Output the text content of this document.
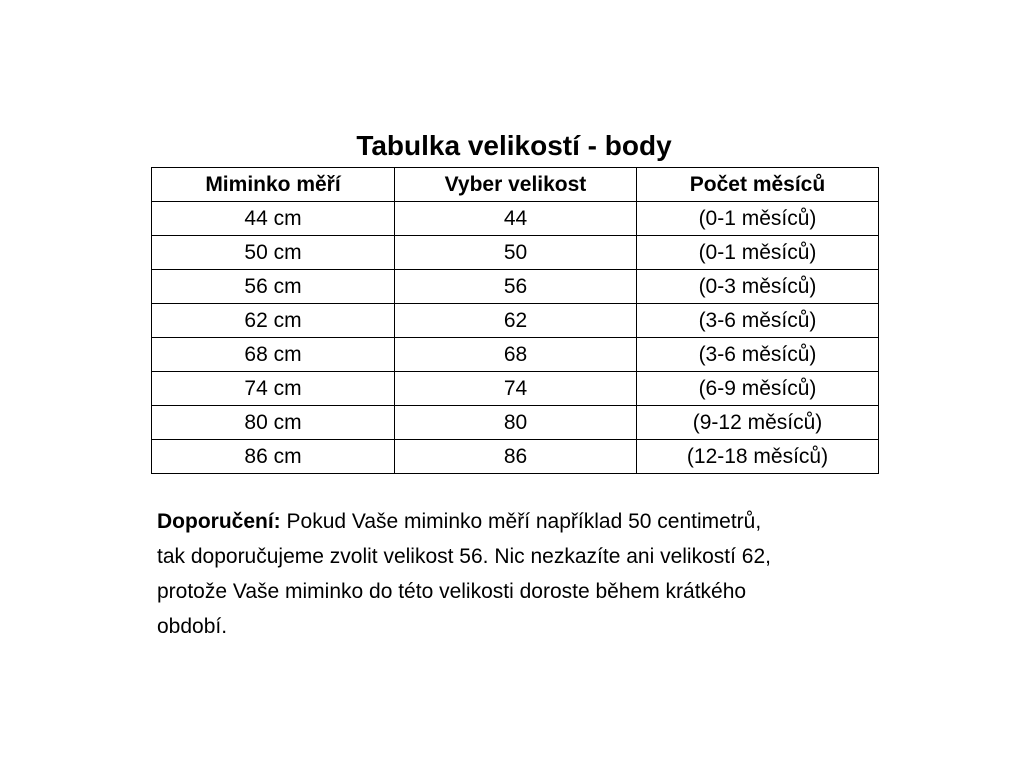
Tabulka velikostí - body
Miminko měří	Vyber velikost	Počet měsíců
44 cm	44	(0-1 měsíců)
50 cm	50	(0-1 měsíců)
56 cm	56	(0-3 měsíců)
62 cm	62	(3-6 měsíců)
68 cm	68	(3-6 měsíců)
74 cm	74	(6-9 měsíců)
80 cm	80	(9-12 měsíců)
86 cm	86	(12-18 měsíců)

Doporučení: Pokud Vaše miminko měří například 50 centimetrů,
tak doporučujeme zvolit velikost 56. Nic nezkazíte ani velikostí 62,
protože Vaše miminko do této velikosti doroste během krátkého
období.
